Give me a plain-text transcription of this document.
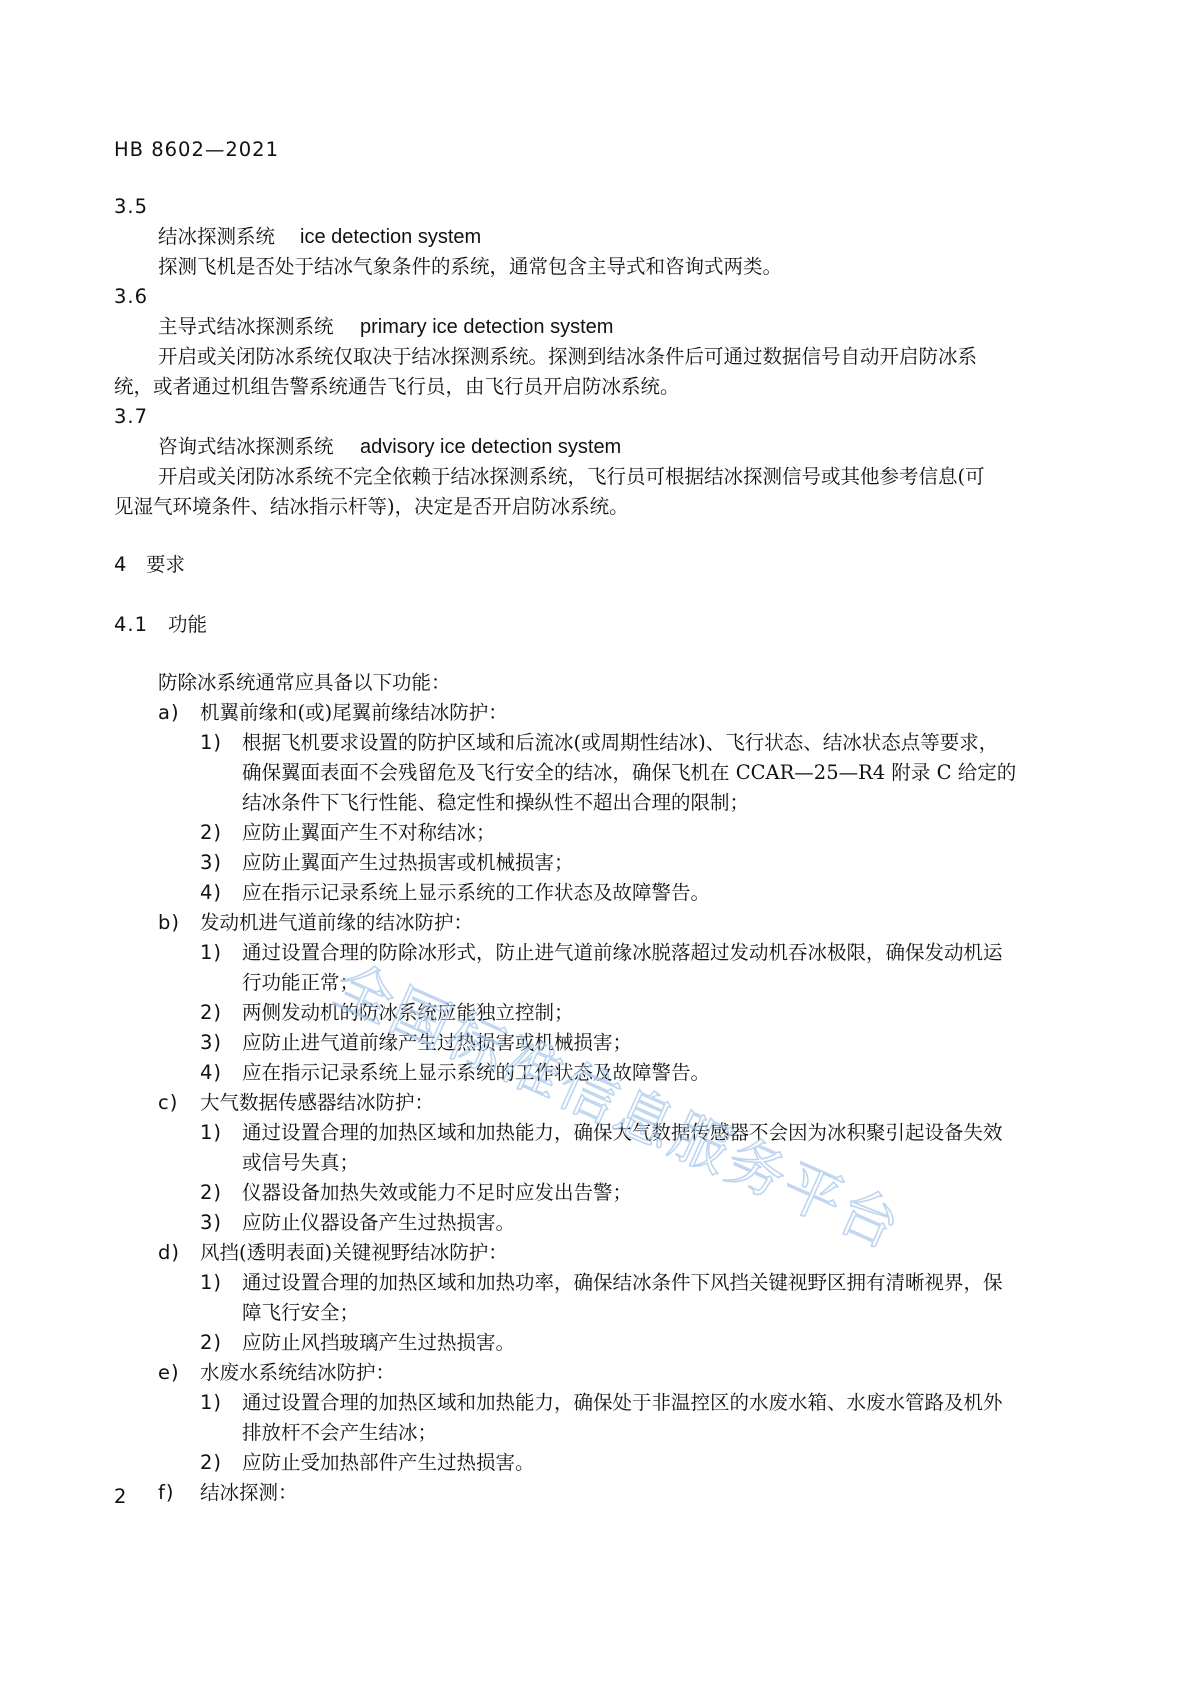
HB 8602—2021
3.5
结冰探测系统 ice detection system
探测飞机是否处于结冰气象条件的系统，通常包含主导式和咨询式两类。
3.6
主导式结冰探测系统 primary ice detection system
开启或关闭防冰系统仅取决于结冰探测系统。探测到结冰条件后可通过数据信号自动开启防冰系
统，或者通过机组告警系统通告飞行员，由飞行员开启防冰系统。
3.7
咨询式结冰探测系统 advisory ice detection system
开启或关闭防冰系统不完全依赖于结冰探测系统，飞行员可根据结冰探测信号或其他参考信息(可
见湿气环境条件、结冰指示杆等)，决定是否开启防冰系统。
4 要求
4.1 功能
防除冰系统通常应具备以下功能：
a) 机翼前缘和(或)尾翼前缘结冰防护：
1) 根据飞机要求设置的防护区域和后流冰(或周期性结冰)、飞行状态、结冰状态点等要求，
确保翼面表面不会残留危及飞行安全的结冰，确保飞机在 CCAR—25—R4 附录 C 给定的
结冰条件下飞行性能、稳定性和操纵性不超出合理的限制；
2) 应防止翼面产生不对称结冰；
3) 应防止翼面产生过热损害或机械损害；
4) 应在指示记录系统上显示系统的工作状态及故障警告。
b) 发动机进气道前缘的结冰防护：
1) 通过设置合理的防除冰形式，防止进气道前缘冰脱落超过发动机吞冰极限，确保发动机运
行功能正常；
2) 两侧发动机的防冰系统应能独立控制；
3) 应防止进气道前缘产生过热损害或机械损害；
4) 应在指示记录系统上显示系统的工作状态及故障警告。
c) 大气数据传感器结冰防护：
1) 通过设置合理的加热区域和加热能力，确保大气数据传感器不会因为冰积聚引起设备失效
或信号失真；
2) 仪器设备加热失效或能力不足时应发出告警；
3) 应防止仪器设备产生过热损害。
d) 风挡(透明表面)关键视野结冰防护：
1) 通过设置合理的加热区域和加热功率，确保结冰条件下风挡关键视野区拥有清晰视界，保
障飞行安全；
2) 应防止风挡玻璃产生过热损害。
e) 水废水系统结冰防护：
1) 通过设置合理的加热区域和加热能力，确保处于非温控区的水废水箱、水废水管路及机外
排放杆不会产生结冰；
2) 应防止受加热部件产生过热损害。
f) 结冰探测：
2
全
国
标
准
信
息
服
务
平
台
